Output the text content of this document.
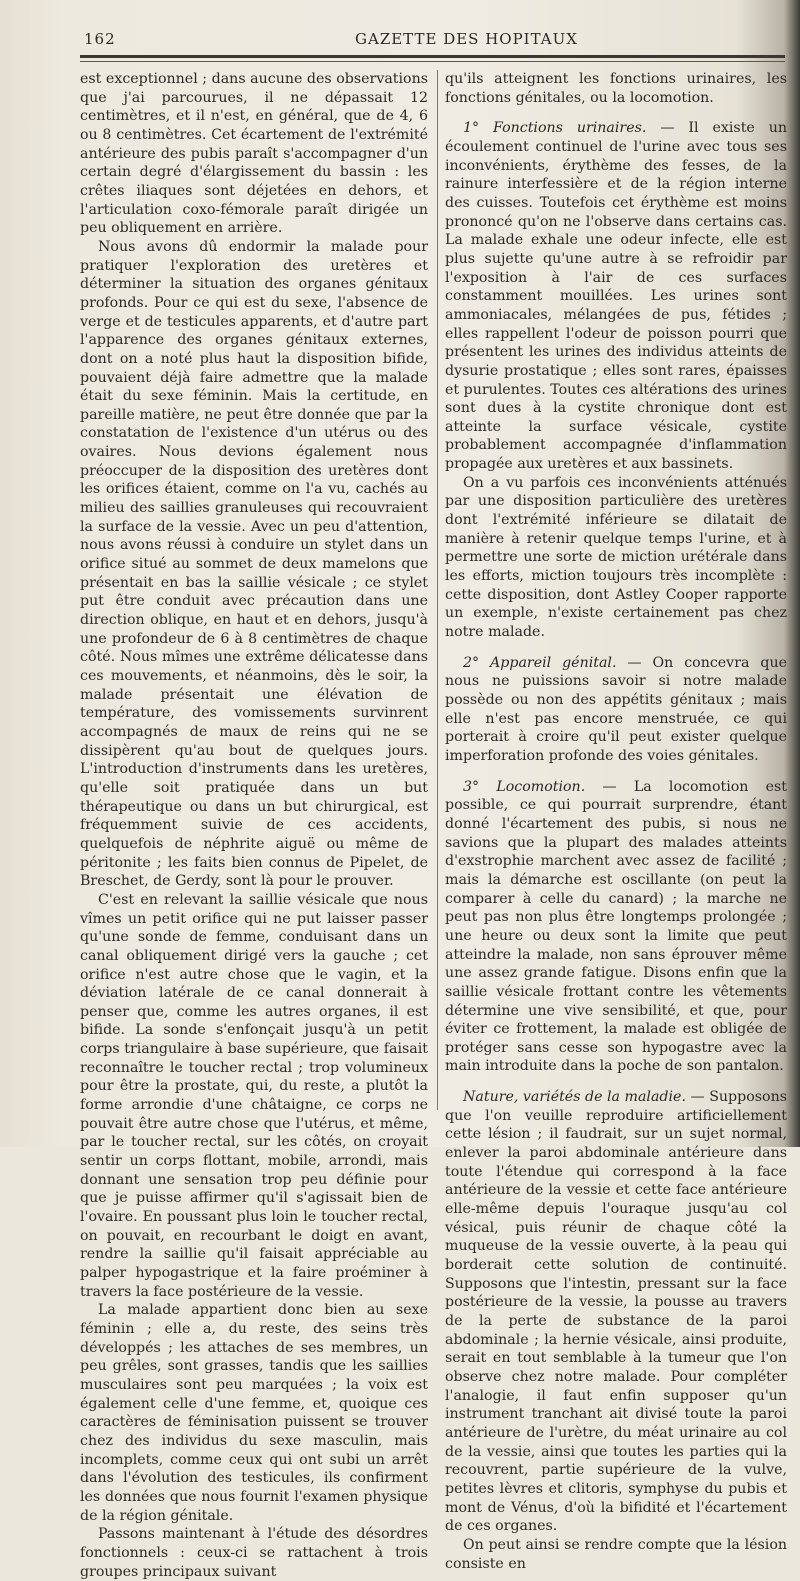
162	GAZETTE DES HOPITAUX

est exceptionnel ; dans aucune des observations que j'ai parcourues, il ne dépassait 12 centimètres, et il n'est, en général, que de 4, 6 ou 8 centimètres. Cet écartement de l'extrémité antérieure des pubis paraît s'accompagner d'un certain degré d'élargissement du bassin : les crêtes iliaques sont déjetées en dehors, et l'articulation coxo-fémorale paraît dirigée un peu obliquement en arrière.

Nous avons dû endormir la malade pour pratiquer l'exploration des uretères et déterminer la situation des organes génitaux profonds. Pour ce qui est du sexe, l'absence de verge et de testicules apparents, et d'autre part l'apparence des organes génitaux externes, dont on a noté plus haut la disposition bifide, pouvaient déjà faire admettre que la malade était du sexe féminin. Mais la certitude, en pareille matière, ne peut être donnée que par la constatation de l'existence d'un utérus ou des ovaires. Nous devions également nous préoccuper de la disposition des uretères dont les orifices étaient, comme on l'a vu, cachés au milieu des saillies granuleuses qui recouvraient la surface de la vessie. Avec un peu d'attention, nous avons réussi à conduire un stylet dans un orifice situé au sommet de deux mamelons que présentait en bas la saillie vésicale ; ce stylet put être conduit avec précaution dans une direction oblique, en haut et en dehors, jusqu'à une profondeur de 6 à 8 centimètres de chaque côté. Nous mîmes une extrême délicatesse dans ces mouvements, et néanmoins, dès le soir, la malade présentait une élévation de température, des vomissements survinrent accompagnés de maux de reins qui ne se dissipèrent qu'au bout de quelques jours. L'introduction d'instruments dans les uretères, qu'elle soit pratiquée dans un but thérapeutique ou dans un but chirurgical, est fréquemment suivie de ces accidents, quelquefois de néphrite aiguë ou même de péritonite ; les faits bien connus de Pipelet, de Breschet, de Gerdy, sont là pour le prouver.

C'est en relevant la saillie vésicale que nous vîmes un petit orifice qui ne put laisser passer qu'une sonde de femme, conduisant dans un canal obliquement dirigé vers la gauche ; cet orifice n'est autre chose que le vagin, et la déviation latérale de ce canal donnerait à penser que, comme les autres organes, il est bifide. La sonde s'enfonçait jusqu'à un petit corps triangulaire à base supérieure, que faisait reconnaître le toucher rectal ; trop volumineux pour être la prostate, qui, du reste, a plutôt la forme arrondie d'une châtaigne, ce corps ne pouvait être autre chose que l'utérus, et même, par le toucher rectal, sur les côtés, on croyait sentir un corps flottant, mobile, arrondi, mais donnant une sensation trop peu définie pour que je puisse affirmer qu'il s'agissait bien de l'ovaire. En poussant plus loin le toucher rectal, on pouvait, en recourbant le doigt en avant, rendre la saillie qu'il faisait appréciable au palper hypogastrique et la faire proéminer à travers la face postérieure de la vessie.

La malade appartient donc bien au sexe féminin ; elle a, du reste, des seins très développés ; les attaches de ses membres, un peu grêles, sont grasses, tandis que les saillies musculaires sont peu marquées ; la voix est également celle d'une femme, et, quoique ces caractères de féminisation puissent se trouver chez des individus du sexe masculin, mais incomplets, comme ceux qui ont subi un arrêt dans l'évolution des testicules, ils confirment les données que nous fournit l'examen physique de la région génitale.

Passons maintenant à l'étude des désordres fonctionnels : ceux-ci se rattachent à trois groupes principaux suivant

qu'ils atteignent les fonctions urinaires, les fonctions génitales, ou la locomotion.

1° Fonctions urinaires. — Il existe un écoulement continuel de l'urine avec tous ses inconvénients, érythème des fesses, de la rainure interfessière et de la région interne des cuisses. Toutefois cet érythème est moins prononcé qu'on ne l'observe dans certains cas. La malade exhale une odeur infecte, elle est plus sujette qu'une autre à se refroidir par l'exposition à l'air de ces surfaces constamment mouillées. Les urines sont ammoniacales, mélangées de pus, fétides ; elles rappellent l'odeur de poisson pourri que présentent les urines des individus atteints de dysurie prostatique ; elles sont rares, épaisses et purulentes. Toutes ces altérations des urines sont dues à la cystite chronique dont est atteinte la surface vésicale, cystite probablement accompagnée d'inflammation propagée aux uretères et aux bassinets.

On a vu parfois ces inconvénients atténués par une disposition particulière des uretères dont l'extrémité inférieure se dilatait de manière à retenir quelque temps l'urine, et à permettre une sorte de miction urétérale dans les efforts, miction toujours très incomplète : cette disposition, dont Astley Cooper rapporte un exemple, n'existe certainement pas chez notre malade.

2° Appareil génital. — On concevra que nous ne puissions savoir si notre malade possède ou non des appétits génitaux ; mais elle n'est pas encore menstruée, ce qui porterait à croire qu'il peut exister quelque imperforation profonde des voies génitales.

3° Locomotion. — La locomotion est possible, ce qui pourrait surprendre, étant donné l'écartement des pubis, si nous ne savions que la plupart des malades atteints d'exstrophie marchent avec assez de facilité ; mais la démarche est oscillante (on peut la comparer à celle du canard) ; la marche ne peut pas non plus être longtemps prolongée ; une heure ou deux sont la limite que peut atteindre la malade, non sans éprouver même une assez grande fatigue. Disons enfin que la saillie vésicale frottant contre les vêtements détermine une vive sensibilité, et que, pour éviter ce frottement, la malade est obligée de protéger sans cesse son hypogastre avec la main introduite dans la poche de son pantalon.

Nature, variétés de la maladie. — Supposons que l'on veuille reproduire artificiellement cette lésion ; il faudrait, sur un sujet normal, enlever la paroi abdominale antérieure dans toute l'étendue qui correspond à la face antérieure de la vessie et cette face antérieure elle-même depuis l'ouraque jusqu'au col vésical, puis réunir de chaque côté la muqueuse de la vessie ouverte, à la peau qui borderait cette solution de continuité. Supposons que l'intestin, pressant sur la face postérieure de la vessie, la pousse au travers de la perte de substance de la paroi abdominale ; la hernie vésicale, ainsi produite, serait en tout semblable à la tumeur que l'on observe chez notre malade. Pour compléter l'analogie, il faut enfin supposer qu'un instrument tranchant ait divisé toute la paroi antérieure de l'urètre, du méat urinaire au col de la vessie, ainsi que toutes les parties qui la recouvrent, partie supérieure de la vulve, petites lèvres et clitoris, symphyse du pubis et mont de Vénus, d'où la bifidité et l'écartement de ces organes.

On peut ainsi se rendre compte que la lésion consiste en
